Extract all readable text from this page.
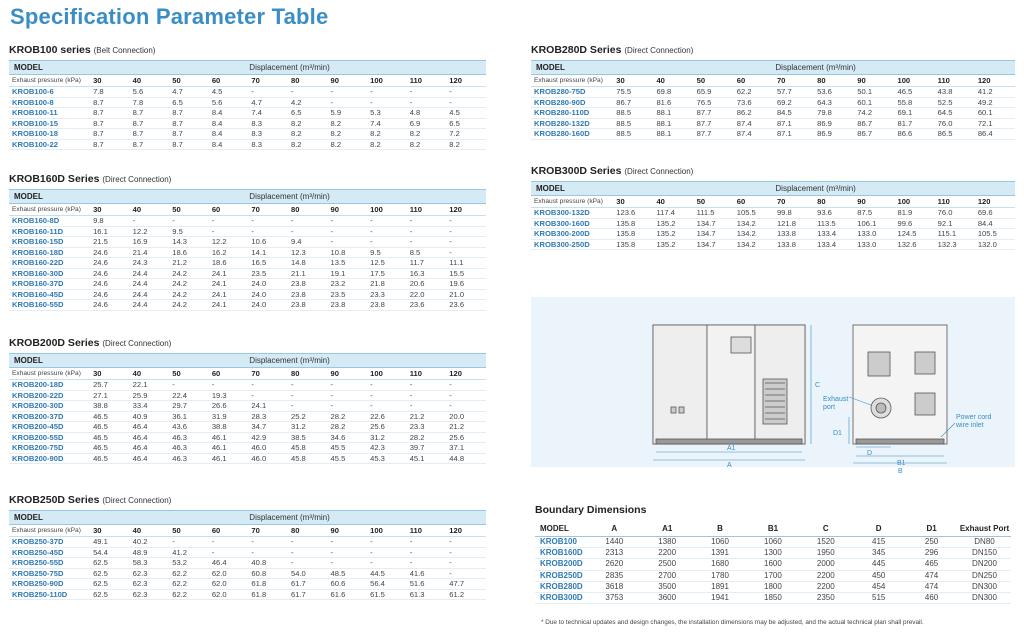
Specification Parameter Table
KROB100 series (Belt Connection)
MODEL	Displacement (m³/min)									
Exhaust pressure (kPa)	30	40	50	60	70	80	90	100	110	120
KROB100-6	7.8	5.6	4.7	4.5	-	-	-	-	-	-
KROB100-8	8.7	7.8	6.5	5.6	4.7	4.2	-	-	-	-
KROB100-11	8.7	8.7	8.7	8.4	7.4	6.5	5.9	5.3	4.8	4.5
KROB100-15	8.7	8.7	8.7	8.4	8.3	8.2	8.2	7.4	6.9	6.5
KROB100-18	8.7	8.7	8.7	8.4	8.3	8.2	8.2	8.2	8.2	7.2
KROB100-22	8.7	8.7	8.7	8.4	8.3	8.2	8.2	8.2	8.2	8.2
KROB160D Series (Direct Connection)
MODEL	Displacement (m³/min)									
Exhaust pressure (kPa)	30	40	50	60	70	80	90	100	110	120
KROB160-8D	9.8	-	-	-	-	-	-	-	-	-
KROB160-11D	16.1	12.2	9.5	-	-	-	-	-	-	-
KROB160-15D	21.5	16.9	14.3	12.2	10.6	9.4	-	-	-	-
KROB160-18D	24.6	21.4	18.6	16.2	14.1	12.3	10.8	9.5	8.5	-
KROB160-22D	24.6	24.3	21.2	18.6	16.5	14.8	13.5	12.5	11.7	11.1
KROB160-30D	24.6	24.4	24.2	24.1	23.5	21.1	19.1	17.5	16.3	15.5
KROB160-37D	24.6	24.4	24.2	24.1	24.0	23.8	23.2	21.8	20.6	19.6
KROB160-45D	24.6	24.4	24.2	24.1	24.0	23.8	23.5	23.3	22.0	21.0
KROB160-55D	24.6	24.4	24.2	24.1	24.0	23.8	23.8	23.8	23.6	23.6
KROB200D Series (Direct Connection)
MODEL	Displacement (m³/min)									
Exhaust pressure (kPa)	30	40	50	60	70	80	90	100	110	120
KROB200-18D	25.7	22.1	-	-	-	-	-	-	-	-
KROB200-22D	27.1	25.9	22.4	19.3	-	-	-	-	-	-
KROB200-30D	38.8	33.4	29.7	26.6	24.1	-	-	-	-	-
KROB200-37D	46.5	40.9	36.1	31.9	28.3	25.2	28.2	22.6	21.2	20.0
KROB200-45D	46.5	46.4	43.6	38.8	34.7	31.2	28.2	25.6	23.3	21.2
KROB200-55D	46.5	46.4	46.3	46.1	42.9	38.5	34.6	31.2	28.2	25.6
KROB200-75D	46.5	46.4	46.3	46.1	46.0	45.8	45.5	42.3	39.7	37.1
KROB200-90D	46.5	46.4	46.3	46.1	46.0	45.8	45.5	45.3	45.1	44.8
KROB250D Series (Direct Connection)
MODEL	Displacement (m³/min)									
Exhaust pressure (kPa)	30	40	50	60	70	80	90	100	110	120
KROB250-37D	49.1	40.2	-	-	-	-	-	-	-	-
KROB250-45D	54.4	48.9	41.2	-	-	-	-	-	-	-
KROB250-55D	62.5	58.3	53.2	46.4	40.8	-	-	-	-	-
KROB250-75D	62.5	62.3	62.2	62.0	60.8	54.0	48.5	44.5	41.6	-
KROB250-90D	62.5	62.3	62.2	62.0	61.8	61.7	60.6	56.4	51.6	47.7
KROB250-110D	62.5	62.3	62.2	62.0	61.8	61.7	61.6	61.5	61.3	61.2
KROB280D Series (Direct Connection)
MODEL	Displacement (m³/min)									
Exhaust pressure (kPa)	30	40	50	60	70	80	90	100	110	120
KROB280-75D	75.5	69.8	65.9	62.2	57.7	53.6	50.1	46.5	43.8	41.2
KROB280-90D	86.7	81.6	76.5	73.6	69.2	64.3	60.1	55.8	52.5	49.2
KROB280-110D	88.5	88.1	87.7	86.2	84.5	79.8	74.2	69.1	64.5	60.1
KROB280-132D	88.5	88.1	87.7	87.4	87.1	86.9	86.7	81.7	76.0	72.1
KROB280-160D	88.5	88.1	87.7	87.4	87.1	86.9	86.7	86.6	86.5	86.4
KROB300D Series (Direct Connection)
MODEL	Displacement (m³/min)									
Exhaust pressure (kPa)	30	40	50	60	70	80	90	100	110	120
KROB300-132D	123.6	117.4	111.5	105.5	99.8	93.6	87.5	81.9	76.0	69.6
KROB300-160D	135.8	135.2	134.7	134.2	121.8	113.5	106.1	99.6	92.1	84.4
KROB300-200D	135.8	135.2	134.7	134.2	133.8	133.4	133.0	124.5	115.1	105.5
KROB300-250D	135.8	135.2	134.7	134.2	133.8	133.4	133.0	132.6	132.3	132.0
A1
A
C
D1
D
B1
B
Exhaust
port
Power cord
wire inlet
Boundary Dimensions
MODEL	A	A1	B	B1	C	D	D1	Exhaust Port
KROB100	1440	1380	1060	1060	1520	415	250	DN80
KROB160D	2313	2200	1391	1300	1950	345	296	DN150
KROB200D	2620	2500	1680	1600	2000	445	465	DN200
KROB250D	2835	2700	1780	1700	2200	450	474	DN250
KROB280D	3618	3500	1891	1800	2200	454	474	DN300
KROB300D	3753	3600	1941	1850	2350	515	460	DN300
* Due to technical updates and design changes, the installation dimensions may be adjusted, and the actual technical plan shall prevail.
